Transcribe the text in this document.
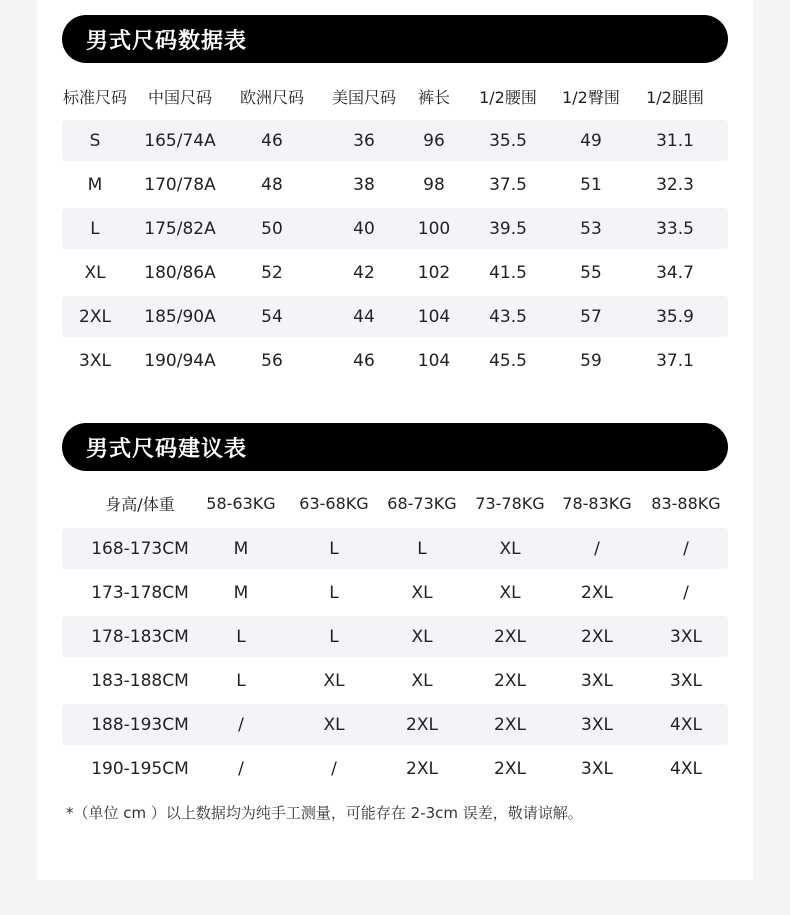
男式尺码数据表
标准尺码	中国尺码	欧洲尺码	美国尺码	裤长	1/2腰围	1/2臀围	1/2腿围
S	165/74A	46	36	96	35.5	49	31.1
M	170/78A	48	38	98	37.5	51	32.3
L	175/82A	50	40	100	39.5	53	33.5
XL	180/86A	52	42	102	41.5	55	34.7
2XL	185/90A	54	44	104	43.5	57	35.9
3XL	190/94A	56	46	104	45.5	59	37.1
男式尺码建议表
身高/体重	58-63KG	63-68KG	68-73KG	73-78KG	78-83KG	83-88KG
168-173CM	M	L	L	XL	/	/
173-178CM	M	L	XL	XL	2XL	/
178-183CM	L	L	XL	2XL	2XL	3XL
183-188CM	L	XL	XL	2XL	3XL	3XL
188-193CM	/	XL	2XL	2XL	3XL	4XL
190-195CM	/	/	2XL	2XL	3XL	4XL
*（单位 cm ）以上数据均为纯手工测量，可能存在 2-3cm 误差，敬请谅解。
